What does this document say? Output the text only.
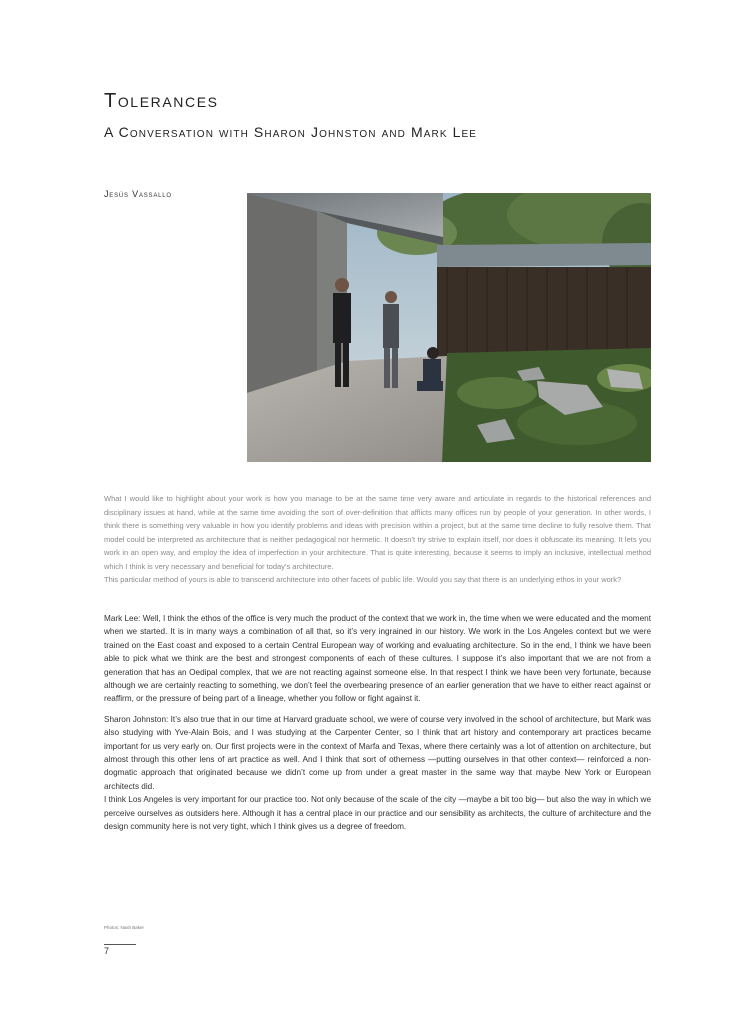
Tolerances
A Conversation with Sharon Johnston and Mark Lee
Jesús Vassallo

What I would like to highlight about your work is how you manage to be at the same time very aware and articulate in regards to the historical references and disciplinary issues at hand, while at the same time avoiding the sort of over-definition that afflicts many offices run by people of your generation. In other words, I think there is something very valuable in how you identify problems and ideas with precision within a project, but at the same time decline to fully resolve them. That model could be interpreted as architecture that is neither pedagogical nor hermetic. It doesn’t try strive to explain itself, nor does it obfuscate its meaning. It lets you work in an open way, and employ the idea of imperfection in your architecture. That is quite interesting, because it seems to imply an inclusive, intellectual method which I think is very necessary and beneficial for today’s architecture.

This particular method of yours is able to transcend architecture into other facets of public life. Would you say that there is an underlying ethos in your work?

Mark Lee: Well, I think the ethos of the office is very much the product of the context that we work in, the time when we were educated and the moment when we started. It is in many ways a combination of all that, so it’s very ingrained in our history. We work in the Los Angeles context but we were trained on the East coast and exposed to a certain Central European way of working and evaluating architecture. So in the end, I think we have been able to pick what we think are the best and strongest components of each of these cultures. I suppose it’s also important that we are not from a generation that has an Oedipal complex, that we are not reacting against someone else. In that respect I think we have been very fortunate, because although we are certainly reacting to something, we don’t feel the overbearing presence of an earlier generation that we have to either react against or reaffirm, or the pressure of being part of a lineage, whether you follow or fight against it.

Sharon Johnston: It’s also true that in our time at Harvard graduate school, we were of course very involved in the school of architecture, but Mark was also studying with Yve-Alain Bois, and I was studying at the Carpenter Center, so I think that art history and contemporary art practices became important for us very early on. Our first projects were in the context of Marfa and Texas, where there certainly was a lot of attention on architecture, but almost through this other lens of art practice as well. And I think that sort of otherness —putting ourselves in that other context— reinforced a non-dogmatic approach that originated because we didn’t come up from under a great master in the same way that maybe New York or European architects did.

I think Los Angeles is very important for our practice too. Not only because of the scale of the city —maybe a bit too big— but also the way in which we perceive ourselves as outsiders here. Although it has a central place in our practice and our sensibility as architects, the culture of architecture and the design community here is not very tight, which I think gives us a degree of freedom.

Photos: Nash Baker
7
